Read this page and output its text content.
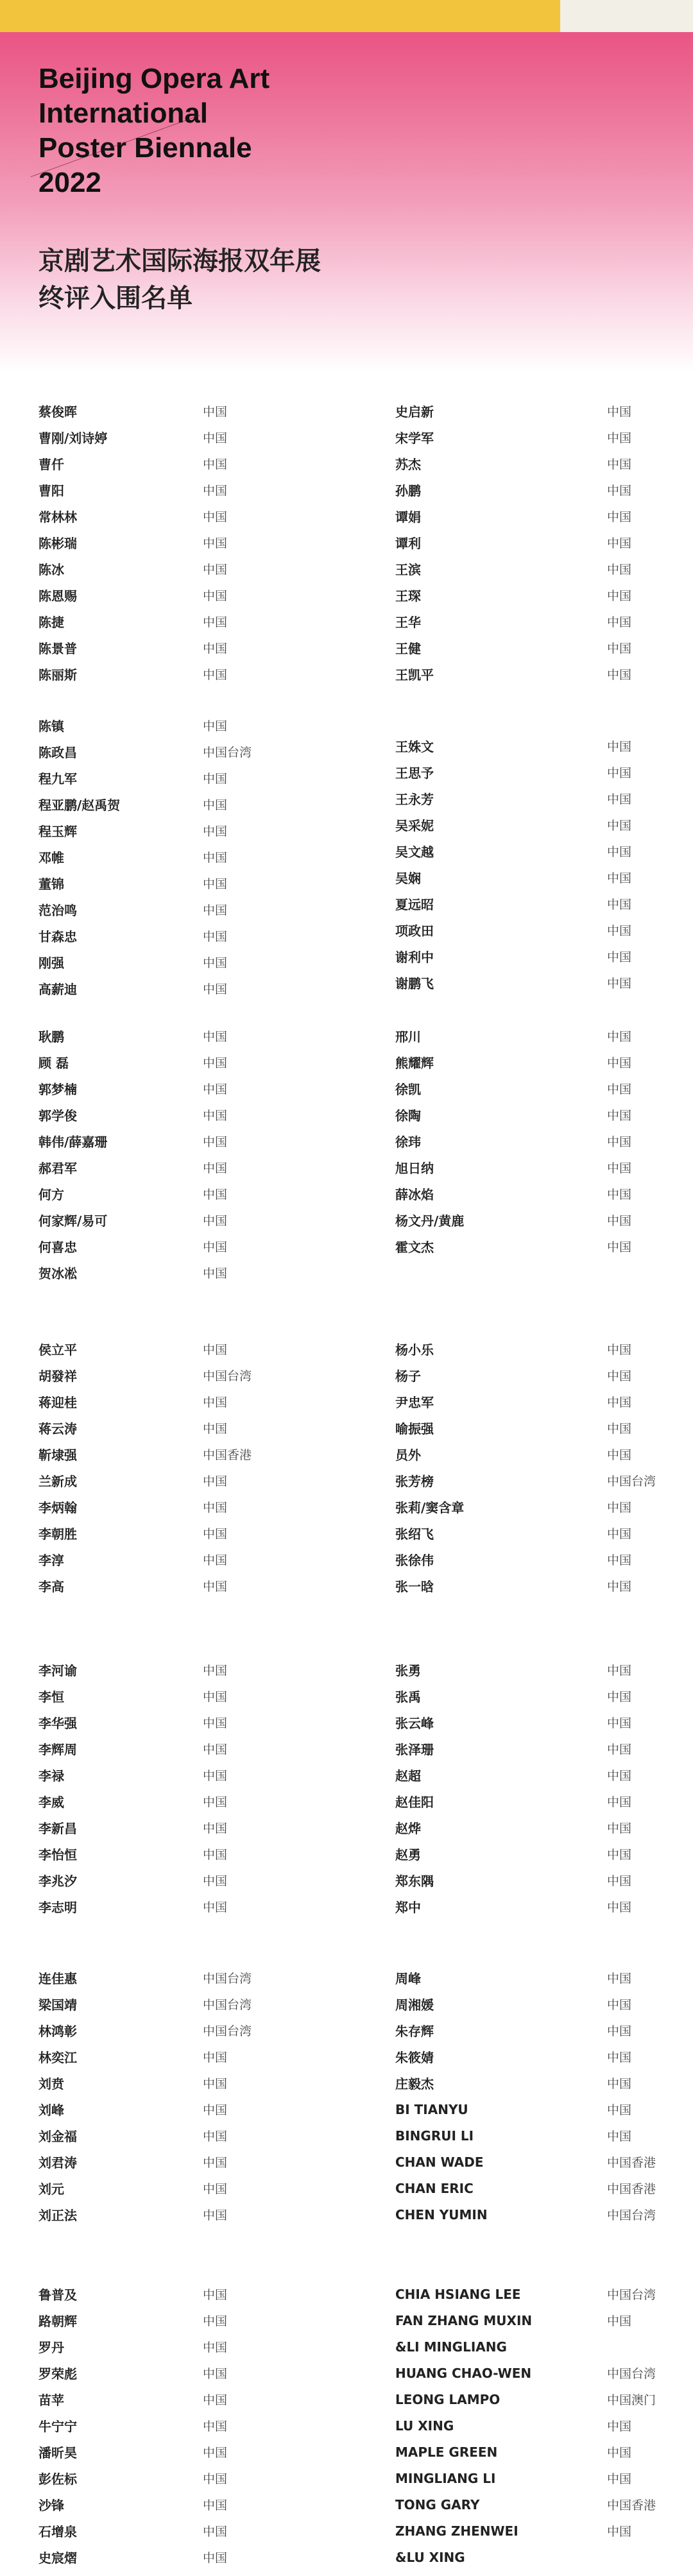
Beijing Opera Art
International
Poster Biennale
2022
京剧艺术国际海报双年展
终评入围名单
蔡俊晖	中国
曹刚/刘诗婷	中国
曹仟	中国
曹阳	中国
常林林	中国
陈彬瑞	中国
陈冰	中国
陈恩赐	中国
陈捷	中国
陈景普	中国
陈丽斯	中国
陈镇	中国
陈政昌	中国台湾
程九军	中国
程亚鹏/赵禹贺	中国
程玉辉	中国
邓帷	中国
董锦	中国
范治鸣	中国
甘森忠	中国
刚强	中国
高薪迪	中国
耿鹏	中国
顾 磊	中国
郭梦楠	中国
郭学俊	中国
韩伟/薛嘉珊	中国
郝君军	中国
何方	中国
何家辉/易可	中国
何喜忠	中国
贺冰凇	中国
侯立平	中国
胡發祥	中国台湾
蒋迎桂	中国
蒋云涛	中国
靳埭强	中国香港
兰新成	中国
李炳翰	中国
李朝胜	中国
李淳	中国
李高	中国
李河谕	中国
李恒	中国
李华强	中国
李辉周	中国
李禄	中国
李威	中国
李新昌	中国
李怡恒	中国
李兆汐	中国
李志明	中国
连佳惠	中国台湾
梁国靖	中国台湾
林鸿彰	中国台湾
林奕江	中国
刘贲	中国
刘峰	中国
刘金福	中国
刘君涛	中国
刘元	中国
刘正法	中国
鲁普及	中国
路朝辉	中国
罗丹	中国
罗荣彪	中国
苗苹	中国
牛宁宁	中国
潘昕昊	中国
彭佐标	中国
沙锋	中国
石增泉	中国
史宸熠	中国
史启新	中国
宋学军	中国
苏杰	中国
孙鹏	中国
谭娟	中国
谭利	中国
王滨	中国
王琛	中国
王华	中国
王健	中国
王凯平	中国
王姝文	中国
王思予	中国
王永芳	中国
吴采妮	中国
吴文越	中国
吴娴	中国
夏远昭	中国
项政田	中国
谢利中	中国
谢鹏飞	中国
邢川	中国
熊耀辉	中国
徐凯	中国
徐陶	中国
徐玮	中国
旭日纳	中国
薛冰焰	中国
杨文丹/黄鹿	中国
霍文杰	中国
杨小乐	中国
杨子	中国
尹忠军	中国
喻振强	中国
员外	中国
张芳榜	中国台湾
张莉/窦含章	中国
张绍飞	中国
张徐伟	中国
张一晗	中国
张勇	中国
张禹	中国
张云峰	中国
张泽珊	中国
赵超	中国
赵佳阳	中国
赵烨	中国
赵勇	中国
郑东隅	中国
郑中	中国
周峰	中国
周湘媛	中国
朱存辉	中国
朱筱婧	中国
庄毅杰	中国
BI TIANYU	中国
BINGRUI LI	中国
CHAN WADE	中国香港
CHAN ERIC	中国香港
CHEN YUMIN	中国台湾
CHIA HSIANG LEE	中国台湾
FAN ZHANG MUXIN	中国
&LI MINGLIANG
HUANG CHAO-WEN	中国台湾
LEONG LAMPO	中国澳门
LU XING	中国
MAPLE GREEN	中国
MINGLIANG LI	中国
TONG GARY	中国香港
ZHANG ZHENWEI	中国
&LU XING
